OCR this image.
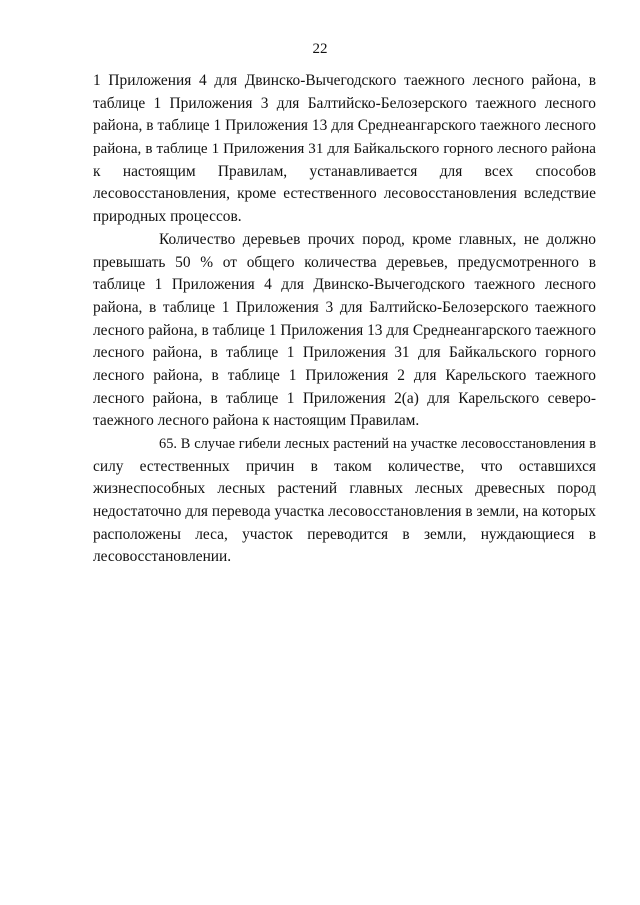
22
1 Приложения 4 для Двинско-Вычегодского таежного лесного района, в
таблице 1 Приложения 3 для Балтийско-Белозерского таежного лесного
района, в таблице 1 Приложения 13 для Среднеангарского таежного лесного
района, в таблице 1 Приложения 31 для Байкальского горного лесного района
к настоящим Правилам, устанавливается для всех способов
лесовосстановления, кроме естественного лесовосстановления вследствие
природных процессов.
Количество деревьев прочих пород, кроме главных, не должно
превышать 50 % от общего количества деревьев, предусмотренного в
таблице 1 Приложения 4 для Двинско-Вычегодского таежного лесного
района, в таблице 1 Приложения 3 для Балтийско-Белозерского таежного
лесного района, в таблице 1 Приложения 13 для Среднеангарского таежного
лесного района, в таблице 1 Приложения 31 для Байкальского горного
лесного района, в таблице 1 Приложения 2 для Карельского таежного
лесного района, в таблице 1 Приложения 2(а) для Карельского северо-
таежного лесного района к настоящим Правилам.
65. В случае гибели лесных растений на участке лесовосстановления в
силу естественных причин в таком количестве, что оставшихся
жизнеспособных лесных растений главных лесных древесных пород
недостаточно для перевода участка лесовосстановления в земли, на которых
расположены леса, участок переводится в земли, нуждающиеся в
лесовосстановлении.
